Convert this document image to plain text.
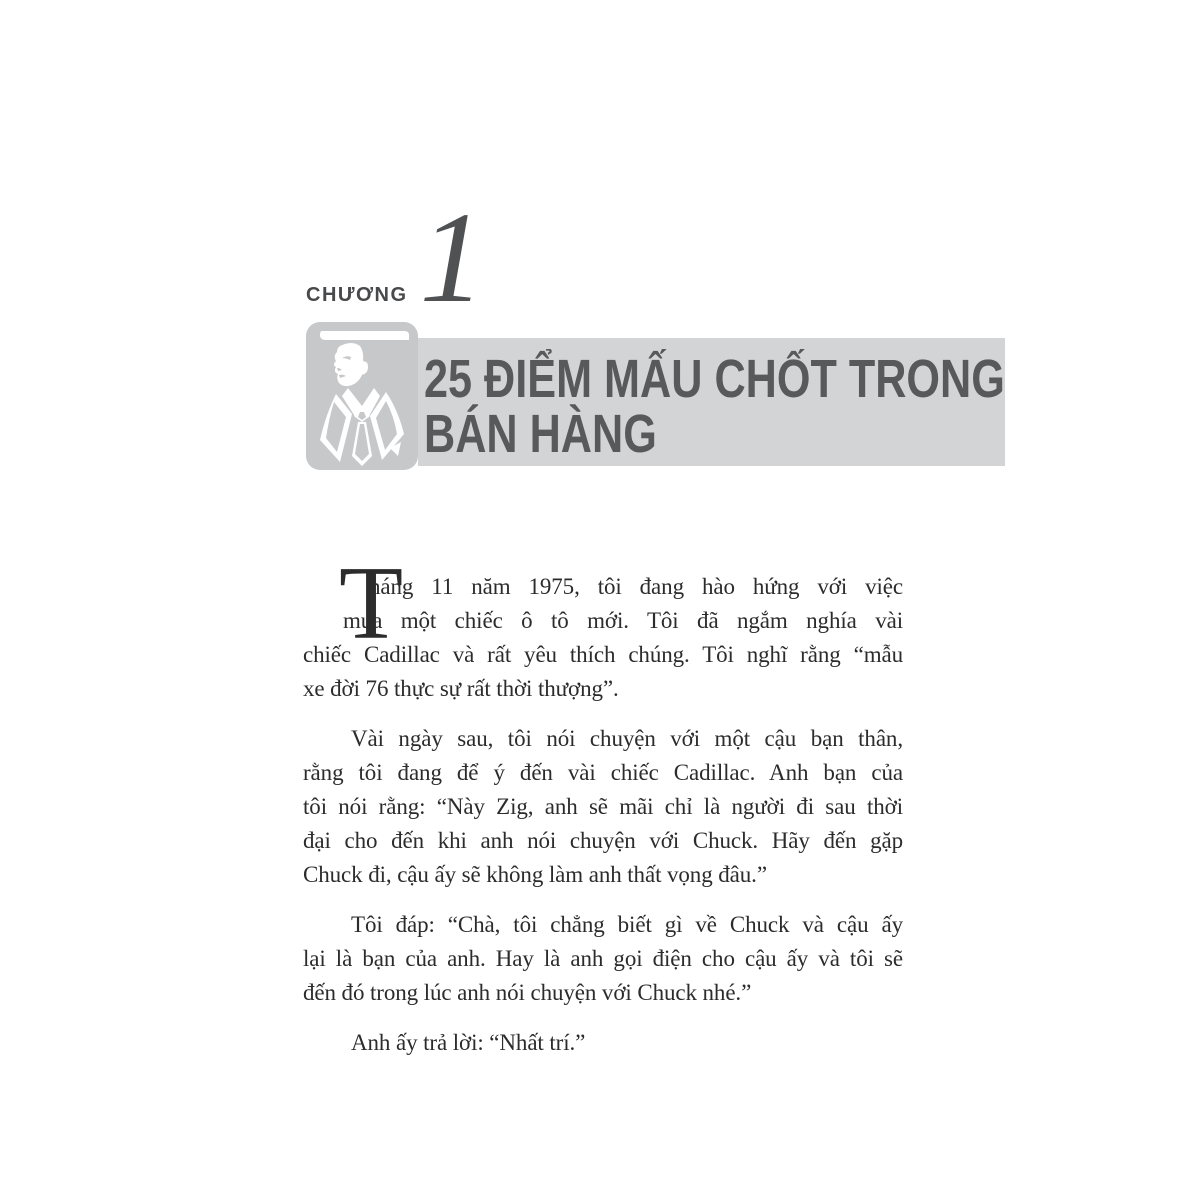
CHƯƠNG 1
25 ĐIỂM MẤU CHỐT TRONG
BÁN HÀNG
T
háng 11 năm 1975, tôi đang hào hứng với việc
mua một chiếc ô tô mới. Tôi đã ngắm nghía vài
chiếc Cadillac và rất yêu thích chúng. Tôi nghĩ rằng “mẫu
xe đời 76 thực sự rất thời thượng”.
Vài ngày sau, tôi nói chuyện với một cậu bạn thân,
rằng tôi đang để ý đến vài chiếc Cadillac. Anh bạn của
tôi nói rằng: “Này Zig, anh sẽ mãi chỉ là người đi sau thời
đại cho đến khi anh nói chuyện với Chuck. Hãy đến gặp
Chuck đi, cậu ấy sẽ không làm anh thất vọng đâu.”
Tôi đáp: “Chà, tôi chẳng biết gì về Chuck và cậu ấy
lại là bạn của anh. Hay là anh gọi điện cho cậu ấy và tôi sẽ
đến đó trong lúc anh nói chuyện với Chuck nhé.”
Anh ấy trả lời: “Nhất trí.”
